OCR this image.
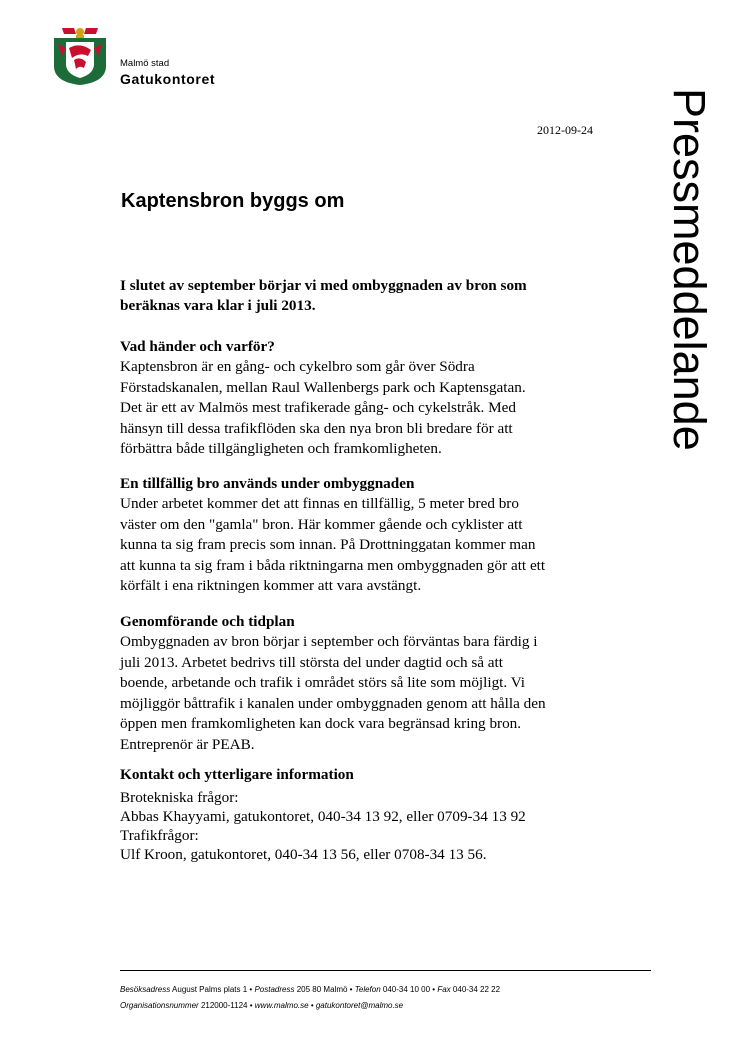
Malmö stad
Gatukontoret
Pressmeddelande
2012-09-24
Kaptensbron byggs om

I slutet av september börjar vi med ombyggnaden av bron som
beräknas vara klar i juli 2013.

Vad händer och varför?
Kaptensbron är en gång- och cykelbro som går över Södra
Förstadskanalen, mellan Raul Wallenbergs park och Kaptensgatan.
Det är ett av Malmös mest trafikerade gång- och cykelstråk. Med
hänsyn till dessa trafikflöden ska den nya bron bli bredare för att
förbättra både tillgängligheten och framkomligheten.
En tillfällig bro används under ombyggnaden
Under arbetet kommer det att finnas en tillfällig, 5 meter bred bro
väster om den "gamla" bron. Här kommer gående och cyklister att
kunna ta sig fram precis som innan. På Drottninggatan kommer man
att kunna ta sig fram i båda riktningarna men ombyggnaden gör att ett
körfält i ena riktningen kommer att vara avstängt.
Genomförande och tidplan
Ombyggnaden av bron börjar i september och förväntas bara färdig i
juli 2013. Arbetet bedrivs till största del under dagtid och så att
boende, arbetande och trafik i området störs så lite som möjligt. Vi
möjliggör båttrafik i kanalen under ombyggnaden genom att hålla den
öppen men framkomligheten kan dock vara begränsad kring bron.
Entreprenör är PEAB.
Kontakt och ytterligare information
Brotekniska frågor:
Abbas Khayyami, gatukontoret, 040-34 13 92, eller 0709-34 13 92
Trafikfrågor:
Ulf Kroon, gatukontoret, 040-34 13 56, eller 0708-34 13 56.
Besöksadress August Palms plats 1 • Postadress 205 80 Malmö • Telefon 040-34 10 00 • Fax 040-34 22 22
Organisationsnummer 212000-1124 • www.malmo.se • gatukontoret@malmo.se
